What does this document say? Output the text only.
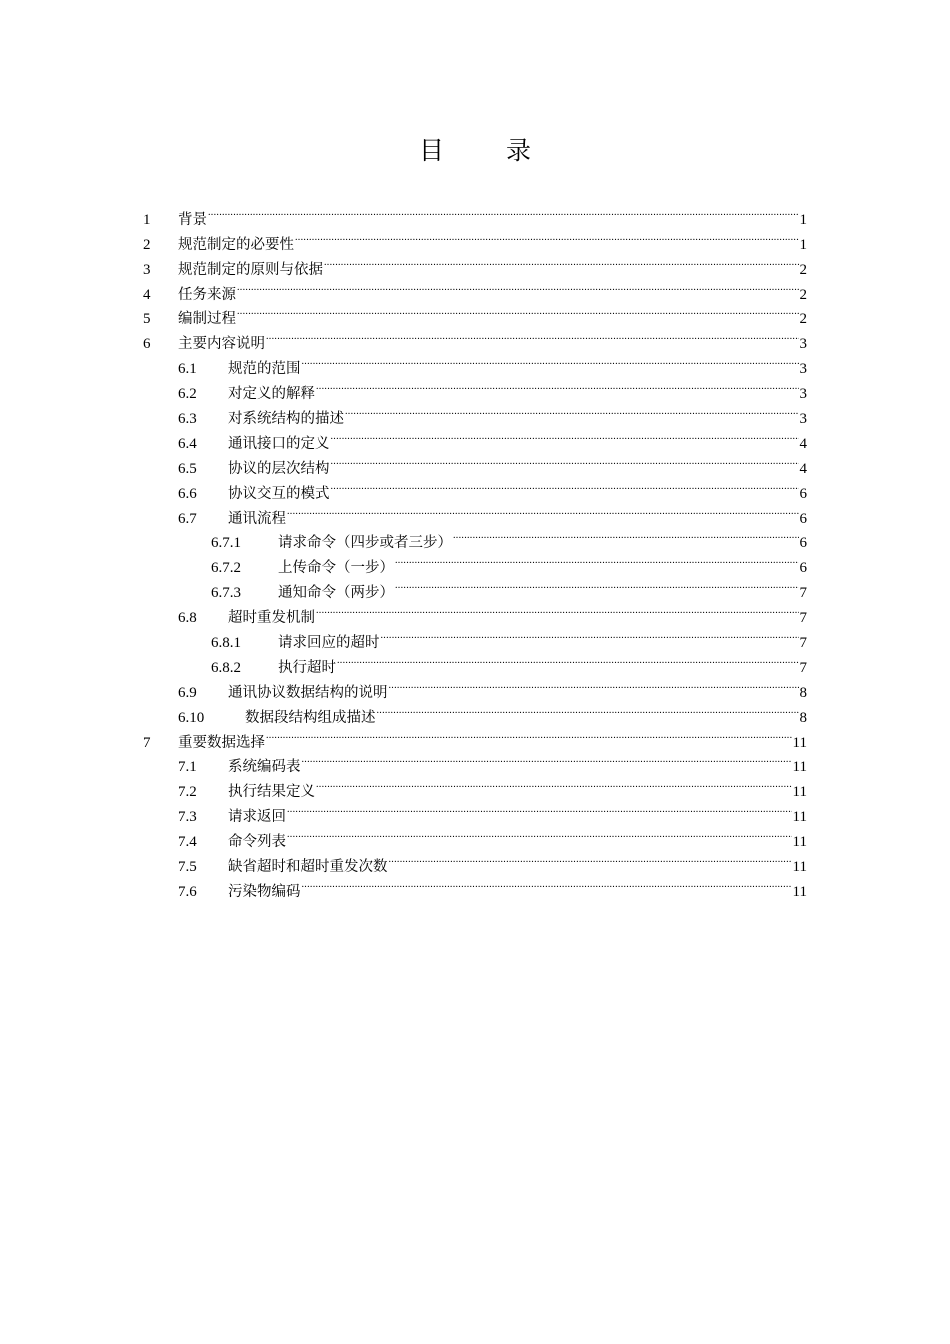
目 录
1	背景 .....	1
2	规范制定的必要性 .....	1
3	规范制定的原则与依据 .....	2
4	任务来源 .....	2
5	编制过程 .....	2
6	主要内容说明 .....	3
6.1	规范的范围 .....	3
6.2	对定义的解释 .....	3
6.3	对系统结构的描述 .....	3
6.4	通讯接口的定义 .....	4
6.5	协议的层次结构 .....	4
6.6	协议交互的模式 .....	6
6.7	通讯流程 .....	6
6.7.1	请求命令（四步或者三步） .....	6
6.7.2	上传命令（一步） .....	6
6.7.3	通知命令（两步） .....	7
6.8	超时重发机制 .....	7
6.8.1	请求回应的超时 .....	7
6.8.2	执行超时 .....	7
6.9	通讯协议数据结构的说明 .....	8
6.10	数据段结构组成描述 .....	8
7	重要数据选择 .....	11
7.1	系统编码表 .....	11
7.2	执行结果定义 .....	11
7.3	请求返回 .....	11
7.4	命令列表 .....	11
7.5	缺省超时和超时重发次数 .....	11
7.6	污染物编码 .....	11
